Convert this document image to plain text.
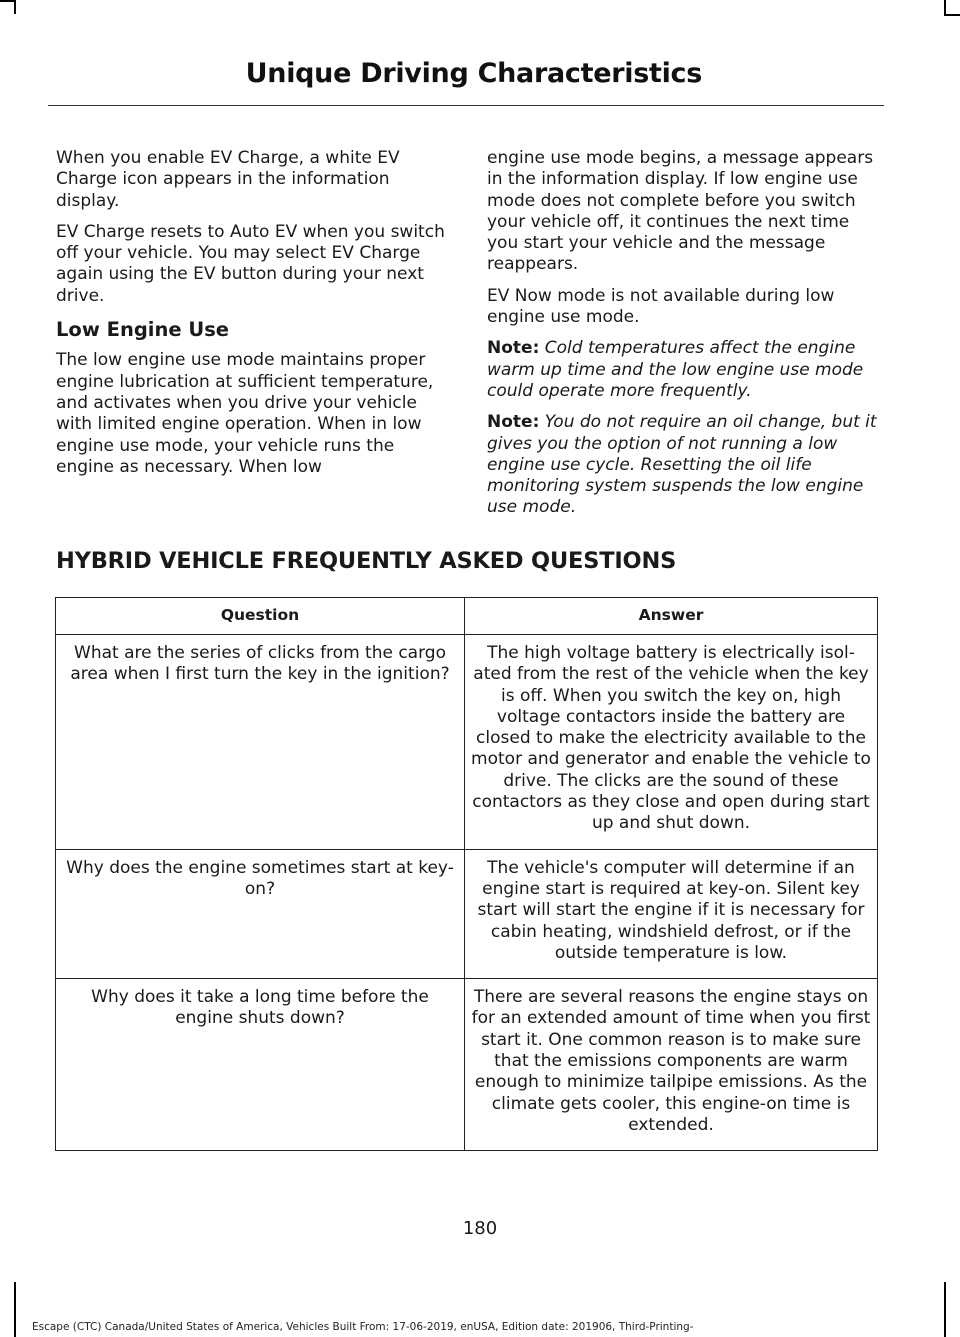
Unique Driving Characteristics

When you enable EV Charge, a white EV Charge icon appears in the information display.

EV Charge resets to Auto EV when you switch off your vehicle. You may select EV Charge again using the EV button during your next drive.

Low Engine Use

The low engine use mode maintains proper engine lubrication at sufficient temperature, and activates when you drive your vehicle with limited engine operation. When in low engine use mode, your vehicle runs the engine as necessary. When low

engine use mode begins, a message appears in the information display. If low engine use mode does not complete before you switch your vehicle off, it continues the next time you start your vehicle and the message reappears.

EV Now mode is not available during low engine use mode.

Note: Cold temperatures affect the engine warm up time and the low engine use mode could operate more frequently.

Note: You do not require an oil change, but it gives you the option of not running a low engine use cycle. Resetting the oil life monitoring system suspends the low engine use mode.

HYBRID VEHICLE FREQUENTLY ASKED QUESTIONS
Question	Answer
What are the series of clicks from the cargo area when I first turn the key in the ignition?	The high voltage battery is electrically isol-ated from the rest of the vehicle when the key is off. When you switch the key on, high voltage contactors inside the battery are closed to make the electricity available to the motor and generator and enable the vehicle to drive. The clicks are the sound of these contactors as they close and open during start up and shut down.
Why does the engine sometimes start at key-on?	The vehicle's computer will determine if an engine start is required at key-on. Silent key start will start the engine if it is necessary for cabin heating, windshield defrost, or if the outside temperature is low.
Why does it take a long time before the engine shuts down?	There are several reasons the engine stays on for an extended amount of time when you first start it. One common reason is to make sure that the emissions components are warm enough to minimize tailpipe emissions. As the climate gets cooler, this engine-on time is extended.
180
Escape (CTC) Canada/United States of America, Vehicles Built From: 17-06-2019, enUSA, Edition date: 201906, Third-Printing-
